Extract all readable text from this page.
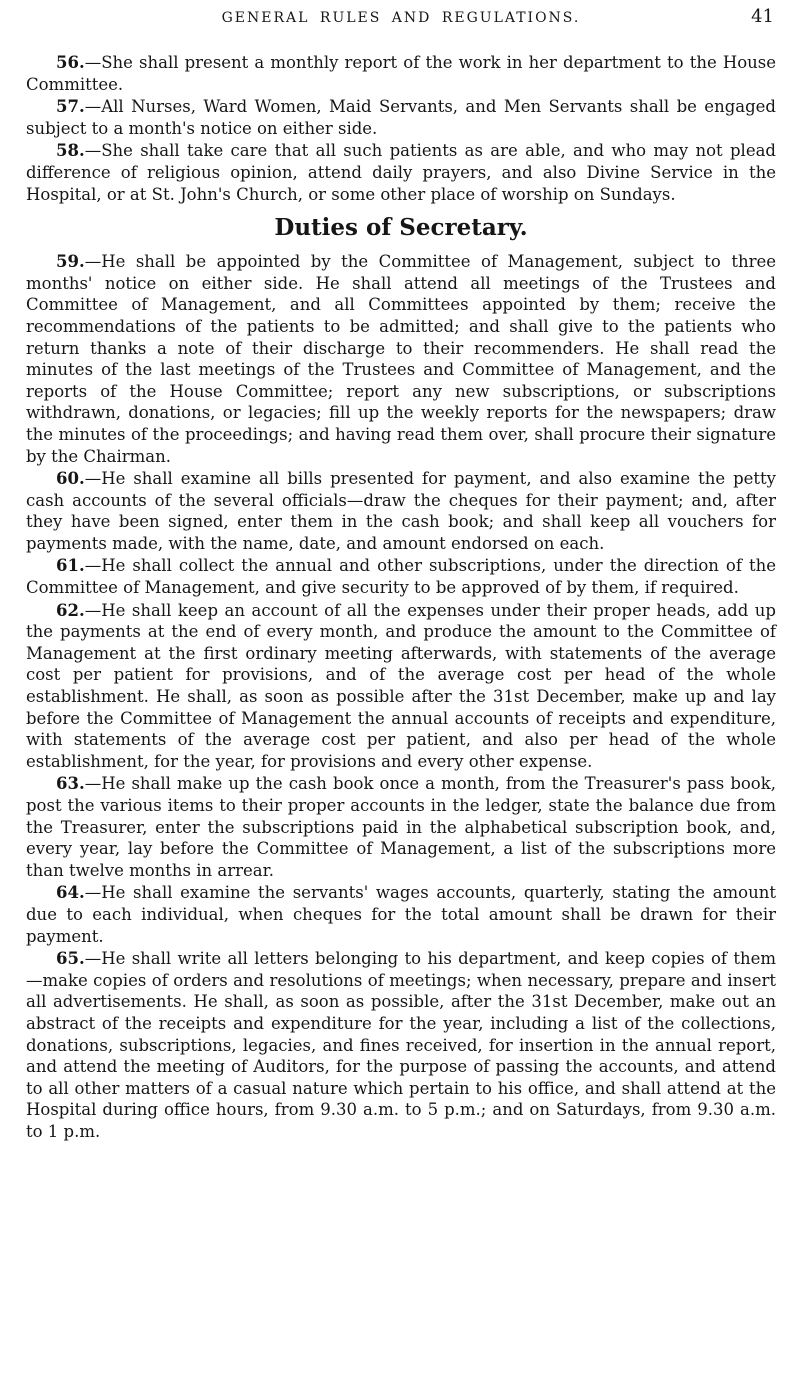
GENERAL RULES AND REGULATIONS.	41

56.—She shall present a monthly report of the work in her department to the House Committee.

57.—All Nurses, Ward Women, Maid Servants, and Men Servants shall be engaged subject to a month's notice on either side.

58.—She shall take care that all such patients as are able, and who may not plead difference of religious opinion, attend daily prayers, and also Divine Service in the Hospital, or at St. John's Church, or some other place of worship on Sundays.

Duties of Secretary.

59.—He shall be appointed by the Committee of Management, subject to three months' notice on either side. He shall attend all meetings of the Trustees and Committee of Management, and all Committees appointed by them; receive the recommendations of the patients to be admitted; and shall give to the patients who return thanks a note of their discharge to their recommenders. He shall read the minutes of the last meetings of the Trustees and Committee of Management, and the reports of the House Committee; report any new subscriptions, or subscriptions withdrawn, donations, or legacies; fill up the weekly reports for the newspapers; draw the minutes of the proceedings; and having read them over, shall procure their signature by the Chairman.

60.—He shall examine all bills presented for payment, and also examine the petty cash accounts of the several officials—draw the cheques for their payment; and, after they have been signed, enter them in the cash book; and shall keep all vouchers for payments made, with the name, date, and amount endorsed on each.

61.—He shall collect the annual and other subscriptions, under the direction of the Committee of Management, and give security to be approved of by them, if required.

62.—He shall keep an account of all the expenses under their proper heads, add up the payments at the end of every month, and produce the amount to the Committee of Management at the first ordinary meeting afterwards, with statements of the average cost per patient for provisions, and of the average cost per head of the whole establishment. He shall, as soon as possible after the 31st December, make up and lay before the Committee of Management the annual accounts of receipts and expenditure, with statements of the average cost per patient, and also per head of the whole establishment, for the year, for provisions and every other expense.

63.—He shall make up the cash book once a month, from the Treasurer's pass book, post the various items to their proper accounts in the ledger, state the balance due from the Treasurer, enter the subscriptions paid in the alphabetical subscription book, and, every year, lay before the Committee of Management, a list of the subscriptions more than twelve months in arrear.

64.—He shall examine the servants' wages accounts, quarterly, stating the amount due to each individual, when cheques for the total amount shall be drawn for their payment.

65.—He shall write all letters belonging to his department, and keep copies of them—make copies of orders and resolutions of meetings; when necessary, prepare and insert all advertisements. He shall, as soon as possible, after the 31st December, make out an abstract of the receipts and expenditure for the year, including a list of the collections, donations, subscriptions, legacies, and fines received, for insertion in the annual report, and attend the meeting of Auditors, for the purpose of passing the accounts, and attend to all other matters of a casual nature which pertain to his office, and shall attend at the Hospital during office hours, from 9.30 a.m. to 5 p.m.; and on Saturdays, from 9.30 a.m. to 1 p.m.
